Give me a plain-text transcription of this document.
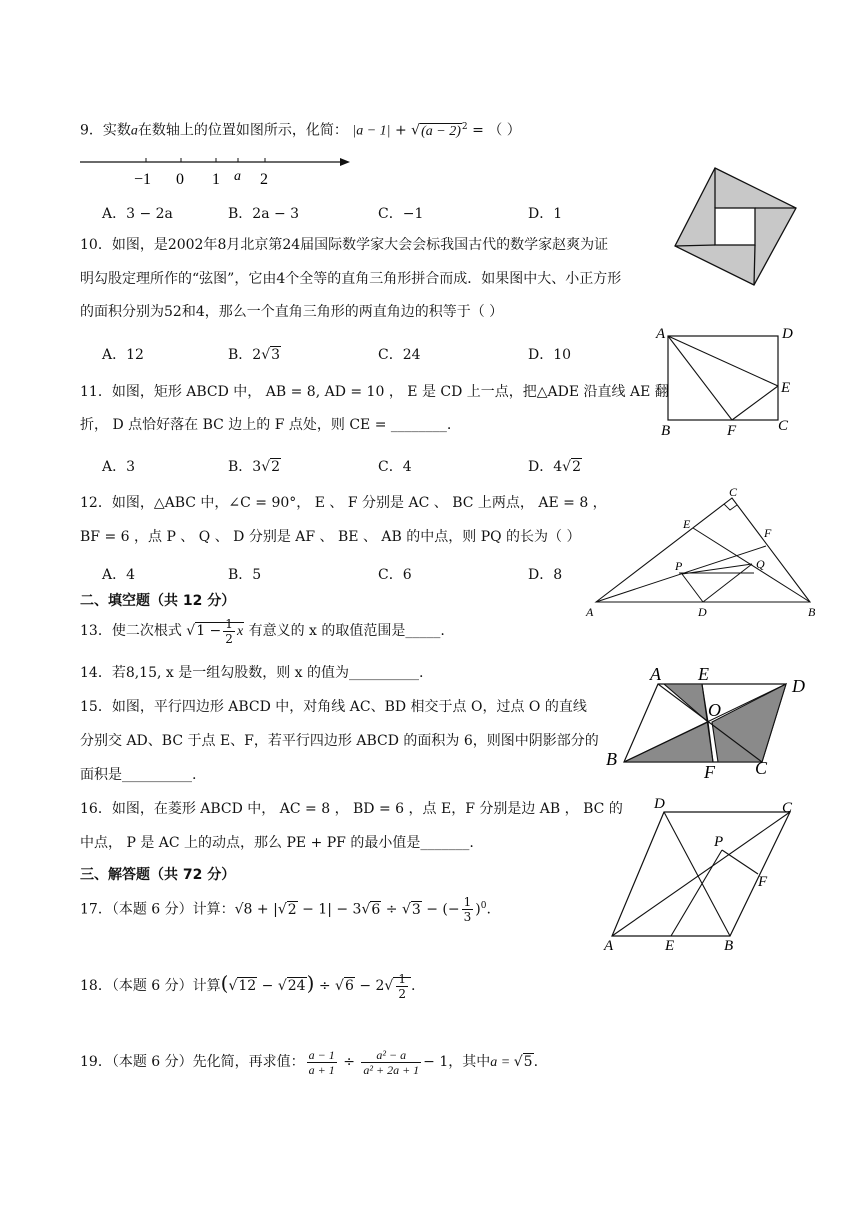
9．实数a在数轴上的位置如图所示，化简： $|a - 1| + √(a - 2)^2$ = （ ）
−1 0 1 a 2
A．3 − 2a	B．2a − 3	C．−1	D．1
10．如图，是2002年8月北京第24届国际数学家大会会标我国古代的数学家赵爽为证
明勾股定理所作的“弦图”，它由4个全等的直角三角形拼合而成．如果图中大、小正方形
的面积分别为52和4，那么一个直角三角形的两直角边的积等于（ ）
A．12	B．2√3	C．24	D．10
A	D
E
B	F	C
11．如图，矩形 ABCD 中， AB = 8, AD = 10 ， E 是 CD 上一点，把△ADE 沿直线 AE 翻
折， D 点恰好落在 BC 边上的 F 点处，则 CE = ________.
A．3	B．3√2	C．4	D．4√2
12．如图，△ABC 中，∠C = 90°， E 、 F 分别是 AC 、 BC 上两点， AE = 8 ，
BF = 6 ，点 P 、 Q 、 D 分别是 AF 、 BE 、 AB 的中点，则 PQ 的长为（ ）
A．4	B．5	C．6	D．8
C
E
F
P	Q
A	D	B
二、填空题（共 12 分）
13．使二次根式 $√1 - \frac{1}{2}$ x 有意义的 x 的取值范围是_____.
14．若8,15, x 是一组勾股数，则 x 的值为__________.	A E
D
O
B
F C
15．如图，平行四边形 ABCD 中，对角线 AC、BD 相交于点 O，过点 O 的直线
分别交 AD、BC 于点 E、F，若平行四边形 ABCD 的面积为 6，则图中阴影部分的
面积是__________.
16．如图，在菱形 ABCD 中， AC = 8 ， BD = 6 ，点 E，F 分别是边 AB ， BC 的
中点， P 是 AC 上的动点，那么 PE + PF 的最小值是_______.
D	C
P
F
A	E	B
三、解答题（共 72 分）
17．（本题 6 分）计算：√8 + |√2 − 1| − 3√6 ÷ √3 − (− $\frac{1}{3} )^0$.
18．（本题 6 分）计算$(√12 - √24) \div √6 - 2√ \frac{1}{2}$ .
19．（本题 6 分）先化简，再求值： $\frac{a - 1}{a + 1} \div \frac{\text{a² − a}}{\text{a² + 2a + 1}} - 1$，其中a = √5.
